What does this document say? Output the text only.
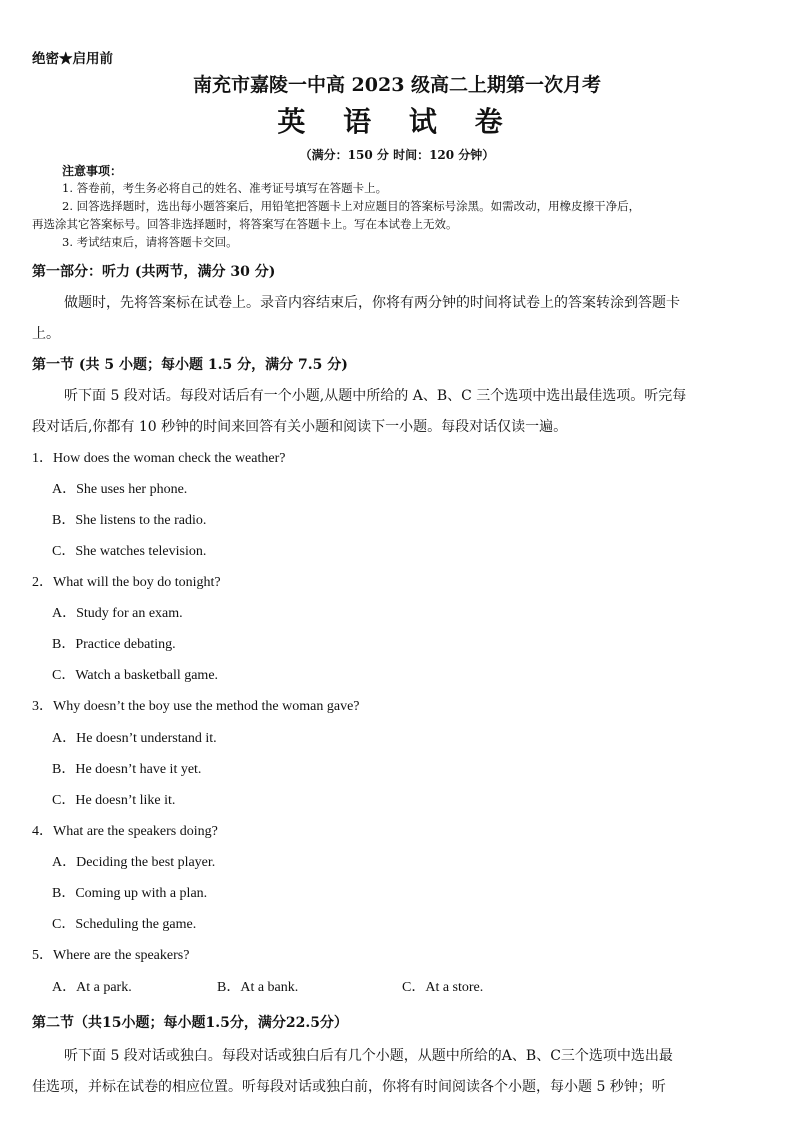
绝密★启用前
南充市嘉陵一中高 2023 级高二上期第一次月考
英 语 试 卷
（满分：150 分 时间：120 分钟）
注意事项：
1. 答卷前，考生务必将自己的姓名、准考证号填写在答题卡上。
2. 回答选择题时，选出每小题答案后，用铅笔把答题卡上对应题目的答案标号涂黑。如需改动，用橡皮擦干净后，
再选涂其它答案标号。回答非选择题时，将答案写在答题卡上。写在本试卷上无效。
3. 考试结束后，请将答题卡交回。
第一部分：听力 (共两节，满分 30 分)
做题时，先将答案标在试卷上。录音内容结束后，你将有两分钟的时间将试卷上的答案转涂到答题卡
上。
第一节 (共 5 小题；每小题 1.5 分，满分 7.5 分)
听下面 5 段对话。每段对话后有一个小题,从题中所给的 A、B、C 三个选项中选出最佳选项。听完每
段对话后,你都有 10 秒钟的时间来回答有关小题和阅读下一小题。每段对话仅读一遍。
1．How does the woman check the weather?
A．She uses her phone.
B．She listens to the radio.
C．She watches television.
2．What will the boy do tonight?
A．Study for an exam.
B．Practice debating.
C．Watch a basketball game.
3．Why doesn’t the boy use the method the woman gave?
A．He doesn’t understand it.
B．He doesn’t have it yet.
C．He doesn’t like it.
4．What are the speakers doing?
A．Deciding the best player.
B．Coming up with a plan.
C．Scheduling the game.
5．Where are the speakers?
A．At a park.	B．At a bank.	C．At a store.
第二节（共15小题；每小题1.5分，满分22.5分）
听下面 5 段对话或独白。每段对话或独白后有几个小题，从题中所给的A、B、C三个选项中选出最
佳选项，并标在试卷的相应位置。听每段对话或独白前，你将有时间阅读各个小题，每小题 5 秒钟；听
